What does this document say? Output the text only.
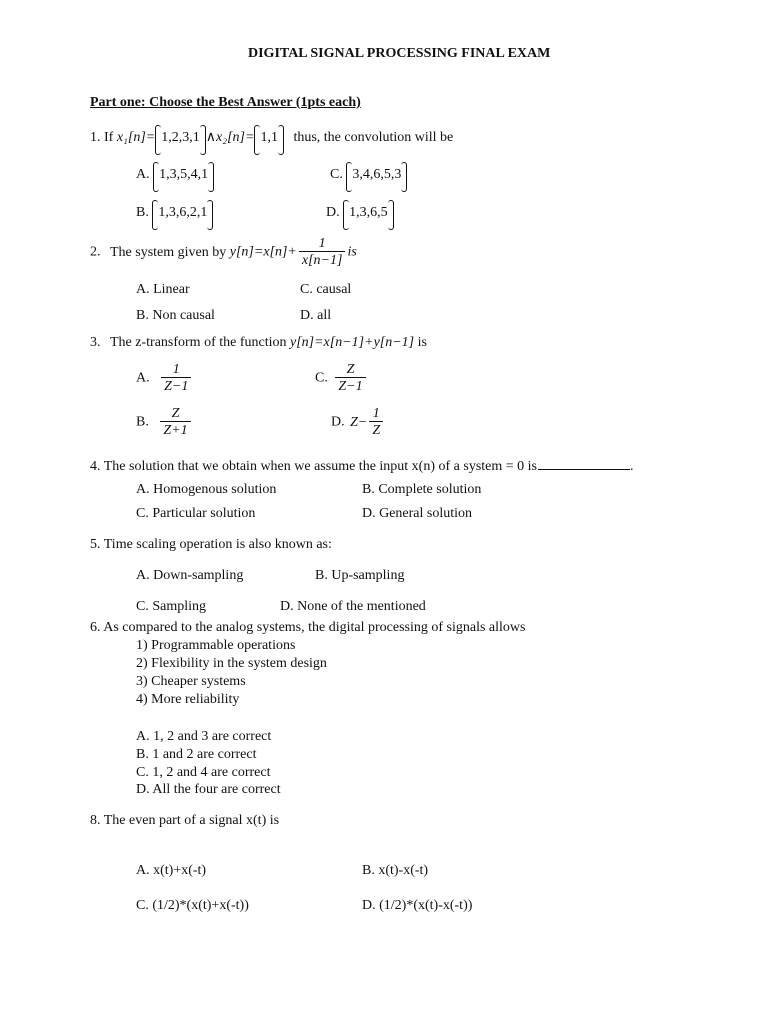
DIGITAL SIGNAL PROCESSING FINAL EXAM
Part one: Choose the Best Answer (1pts each)
1. If x₁[n]= 1,2,3,1 ∧x₂[n]= 1,1 thus, the convolution will be
A. 1,3,5,4,1	C. 3,4,6,5,3
B. 1,3,6,2,1	D. 1,3,6,5
2. The system given by $y[n]=x[n]+ \frac{1}{x[n-1]}$ is
A. Linear	C. causal
B. Non causal	D. all
3. The z-transform of the function y[n]=x[n−1]+y[n−1] is
A. $\frac{1}{Z-1}$	C. $\frac{Z}{Z-1}$
B. $\frac{Z}{Z+1}$	D. $Z- \frac{1}{Z}$
4. The solution that we obtain when we assume the input x(n) of a system = 0 is	.
A. Homogenous solution	B. Complete solution
C. Particular solution	D. General solution
5. Time scaling operation is also known as:
A. Down-sampling	B. Up-sampling
C. Sampling	D. None of the mentioned
6. As compared to the analog systems, the digital processing of signals allows
1) Programmable operations
2) Flexibility in the system design
3) Cheaper systems
4) More reliability
A. 1, 2 and 3 are correct
B. 1 and 2 are correct
C. 1, 2 and 4 are correct
D. All the four are correct
8. The even part of a signal x(t) is
A. x(t)+x(-t)	B. x(t)-x(-t)
C. (1/2)*(x(t)+x(-t))	D. (1/2)*(x(t)-x(-t))
